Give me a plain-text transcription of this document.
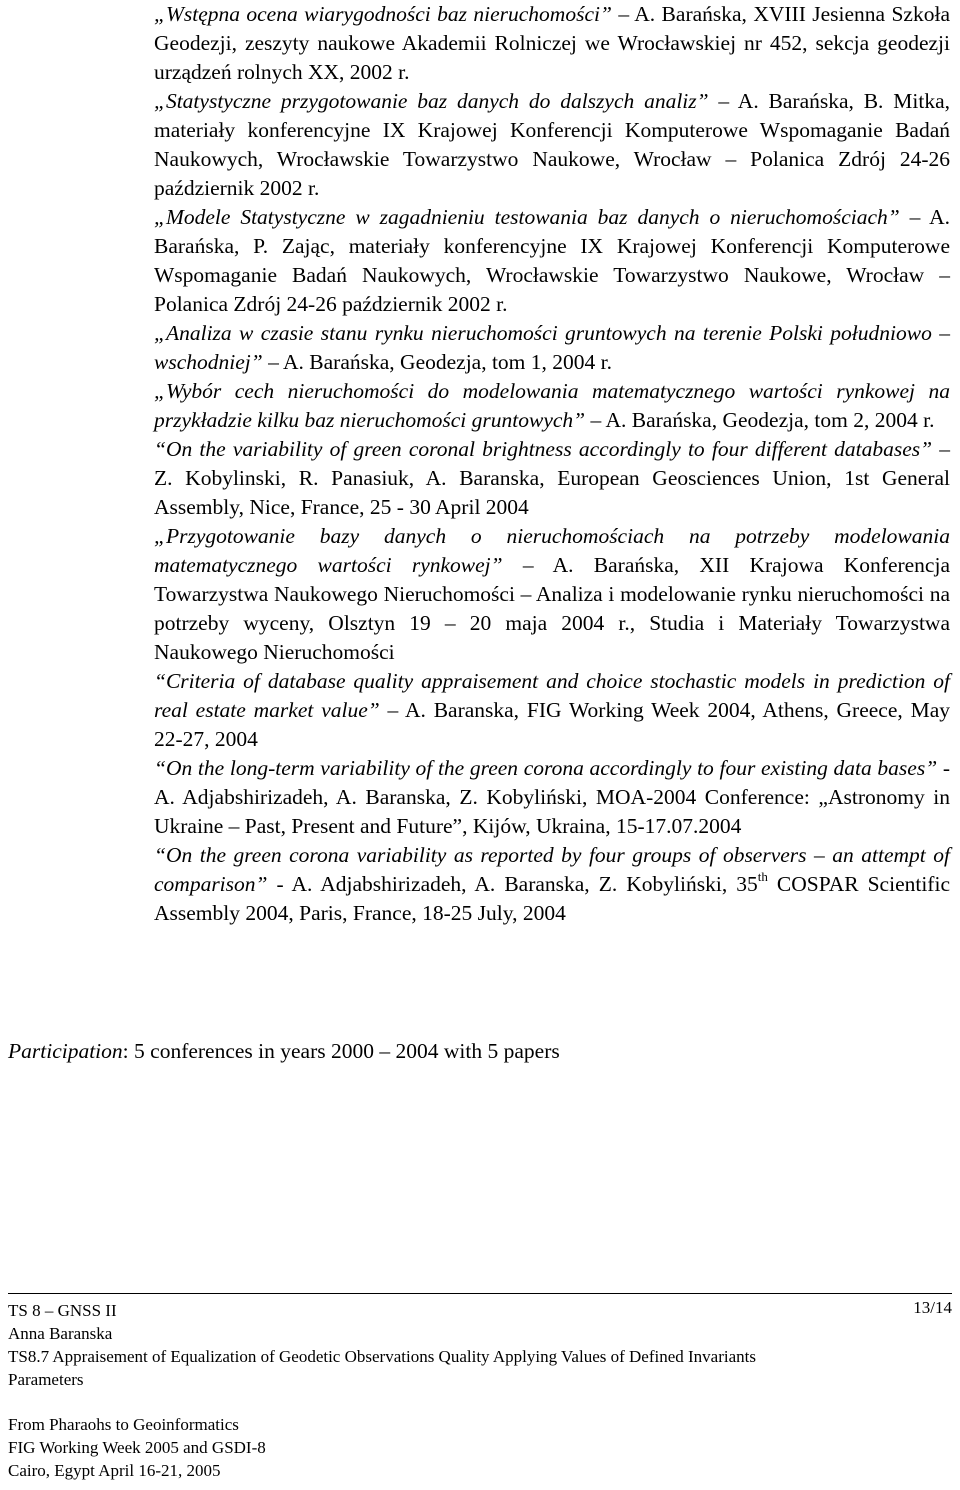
„Wstępna ocena wiarygodności baz nieruchomości” – A. Barańska, XVIII Jesienna Szkoła Geodezji, zeszyty naukowe Akademii Rolniczej we Wrocławskiej nr 452, sekcja geodezji urządzeń rolnych XX, 2002 r.

„Statystyczne przygotowanie baz danych do dalszych analiz” – A. Barańska, B. Mitka, materiały konferencyjne IX Krajowej Konferencji Komputerowe Wspomaganie Badań Naukowych, Wrocławskie Towarzystwo Naukowe, Wrocław – Polanica Zdrój 24-26 październik 2002 r.

„Modele Statystyczne w zagadnieniu testowania baz danych o nieruchomościach” – A. Barańska, P. Zając, materiały konferencyjne IX Krajowej Konferencji Komputerowe Wspomaganie Badań Naukowych, Wrocławskie Towarzystwo Naukowe, Wrocław – Polanica Zdrój 24-26 październik 2002 r.

„Analiza w czasie stanu rynku nieruchomości gruntowych na terenie Polski południowo – wschodniej” – A. Barańska, Geodezja, tom 1, 2004 r.

„Wybór cech nieruchomości do modelowania matematycznego wartości rynkowej na przykładzie kilku baz nieruchomości gruntowych” – A. Barańska, Geodezja, tom 2, 2004 r.

“On the variability of green coronal brightness accordingly to four different databases” – Z. Kobylinski, R. Panasiuk, A. Baranska, European Geosciences Union, 1st General Assembly, Nice, France, 25 - 30 April 2004

„Przygotowanie bazy danych o nieruchomościach na potrzeby modelowania matematycznego wartości rynkowej” – A. Barańska, XII Krajowa Konferencja Towarzystwa Naukowego Nieruchomości – Analiza i modelowanie rynku nieruchomości na potrzeby wyceny, Olsztyn 19 – 20 maja 2004 r., Studia i Materiały Towarzystwa Naukowego Nieruchomości

“Criteria of database quality appraisement and choice stochastic models in prediction of real estate market value” – A. Baranska, FIG Working Week 2004, Athens, Greece, May 22-27, 2004

“On the long-term variability of the green corona accordingly to four existing data bases” - A. Adjabshirizadeh, A. Baranska, Z. Kobyliński, MOA-2004 Conference: „Astronomy in Ukraine – Past, Present and Future”, Kijów, Ukraina, 15-17.07.2004

“On the green corona variability as reported by four groups of observers – an attempt of comparison” - A. Adjabshirizadeh, A. Baranska, Z. Kobyliński, 35th COSPAR Scientific Assembly 2004, Paris, France, 18-25 July, 2004

Participation: 5 conferences in years 2000 – 2004 with 5 papers
13/14
TS 8 – GNSS II
Anna Baranska
TS8.7 Appraisement of Equalization of Geodetic Observations Quality Applying Values of Defined Invariants
Parameters
From Pharaohs to Geoinformatics
FIG Working Week 2005 and GSDI-8
Cairo, Egypt April 16-21, 2005
